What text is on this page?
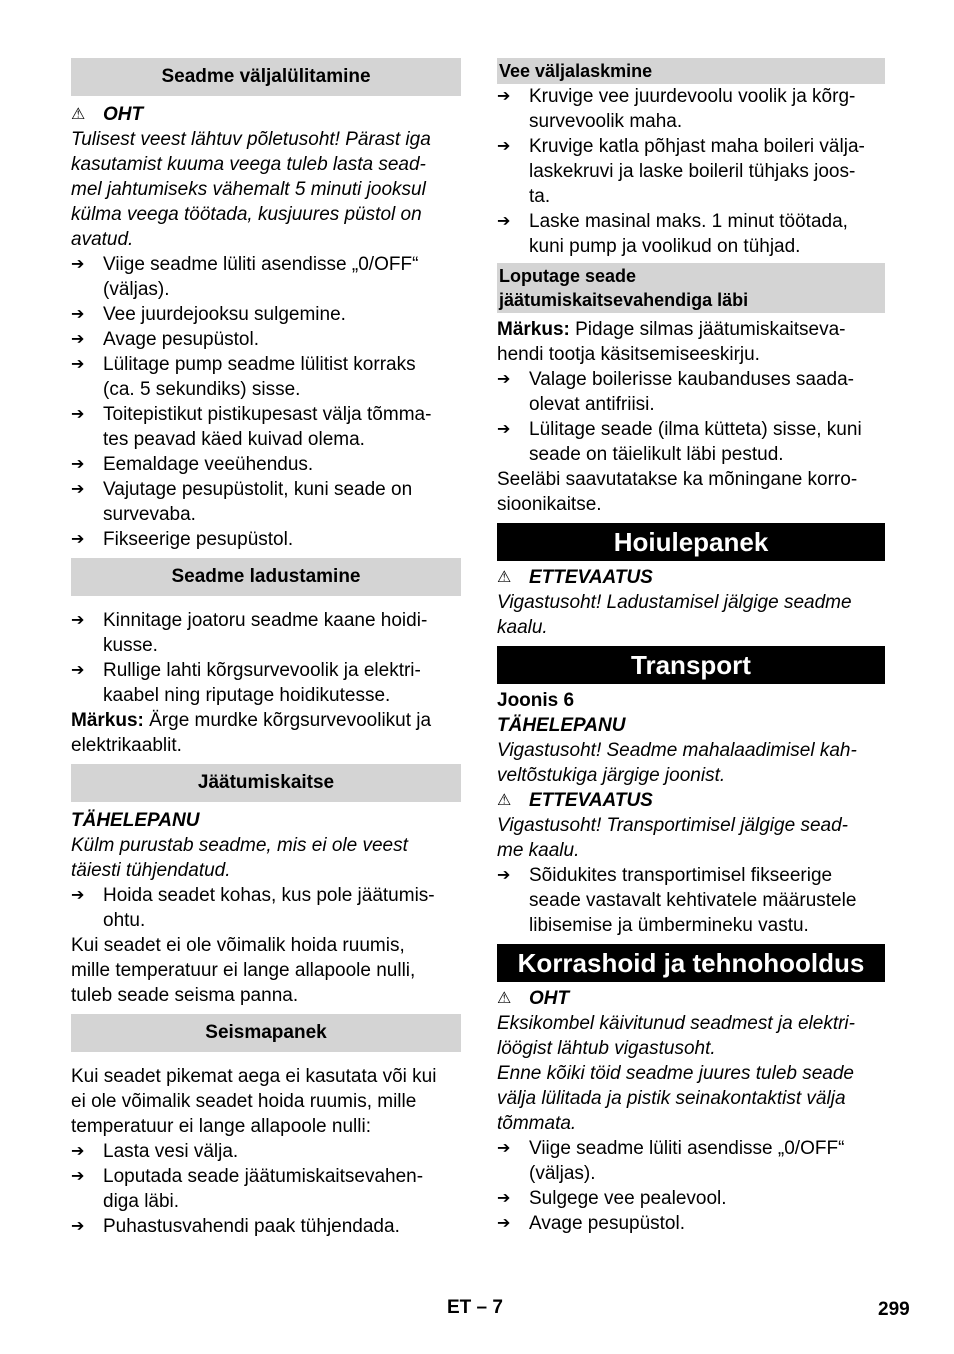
Seadme väljalülitamine
⚠ OHT

Tulisest veest lähtuv põletusoht! Pärast iga

kasutamist kuuma veega tuleb lasta sead-

mel jahtumiseks vähemalt 5 minuti jooksul

külma veega töötada, kusjuures püstol on

avatud.

➔ Viige seadme lüliti asendisse „0/OFF“
(väljas).
➔ Vee juurdejooksu sulgemine.
➔ Avage pesupüstol.
➔ Lülitage pump seadme lülitist korraks
(ca. 5 sekundiks) sisse.
➔ Toitepistikut pistikupesast välja tõmma-
tes peavad käed kuivad olema.
➔ Eemaldage veeühendus.
➔ Vajutage pesupüstolit, kuni seade on
survevaba.
➔ Fikseerige pesupüstol.
Seadme ladustamine
➔ Kinnitage joatoru seadme kaane hoidi-
kusse.
➔ Rullige lahti kõrgsurvevoolik ja elektri-
kaabel ning riputage hoidikutesse.

Märkus: Ärge murdke kõrgsurvevoolikut ja

elektrikaablit.

Jäätumiskaitse

TÄHELEPANU

Külm purustab seadme, mis ei ole veest

täiesti tühjendatud.

➔ Hoida seadet kohas, kus pole jäätumis-
ohtu.

Kui seadet ei ole võimalik hoida ruumis,

mille temperatuur ei lange allapoole nulli,

tuleb seade seisma panna.

Seismapanek

Kui seadet pikemat aega ei kasutata või kui

ei ole võimalik seadet hoida ruumis, mille

temperatuur ei lange allapoole nulli:

➔ Lasta vesi välja.
➔ Loputada seade jäätumiskaitsevahen-
diga läbi.
➔ Puhastusvahendi paak tühjendada.
Vee väljalaskmine
➔ Kruvige vee juurdevoolu voolik ja kõrg-
survevoolik maha.
➔ Kruvige katla põhjast maha boileri välja-
laskekruvi ja laske boileril tühjaks joos-
ta.
➔ Laske masinal maks. 1 minut töötada,
kuni pump ja voolikud on tühjad.
Loputage seade
jäätumiskaitsevahendiga läbi

Märkus: Pidage silmas jäätumiskaitseva-

hendi tootja käsitsemiseeskirju.

➔ Valage boilerisse kaubanduses saada-
olevat antifriisi.
➔ Lülitage seade (ilma kütteta) sisse, kuni
seade on täielikult läbi pestud.

Seeläbi saavutatakse ka mõningane korro-

sioonikaitse.

Hoiulepanek
⚠ ETTEVAATUS

Vigastusoht! Ladustamisel jälgige seadme

kaalu.

Transport

Joonis 6

TÄHELEPANU

Vigastusoht! Seadme mahalaadimisel kah-

veltõstukiga järgige joonist.

⚠ ETTEVAATUS

Vigastusoht! Transportimisel jälgige sead-

me kaalu.

➔ Sõidukites transportimisel fikseerige
seade vastavalt kehtivatele määrustele
libisemise ja ümbermineku vastu.
Korrashoid ja tehnohooldus
⚠ OHT

Eksikombel käivitunud seadmest ja elektri-

löögist lähtub vigastusoht.

Enne kõiki töid seadme juures tuleb seade

välja lülitada ja pistik seinakontaktist välja

tõmmata.

➔ Viige seadme lüliti asendisse „0/OFF“
(väljas).
➔ Sulgege vee pealevool.
➔ Avage pesupüstol.
ET – 7	299
